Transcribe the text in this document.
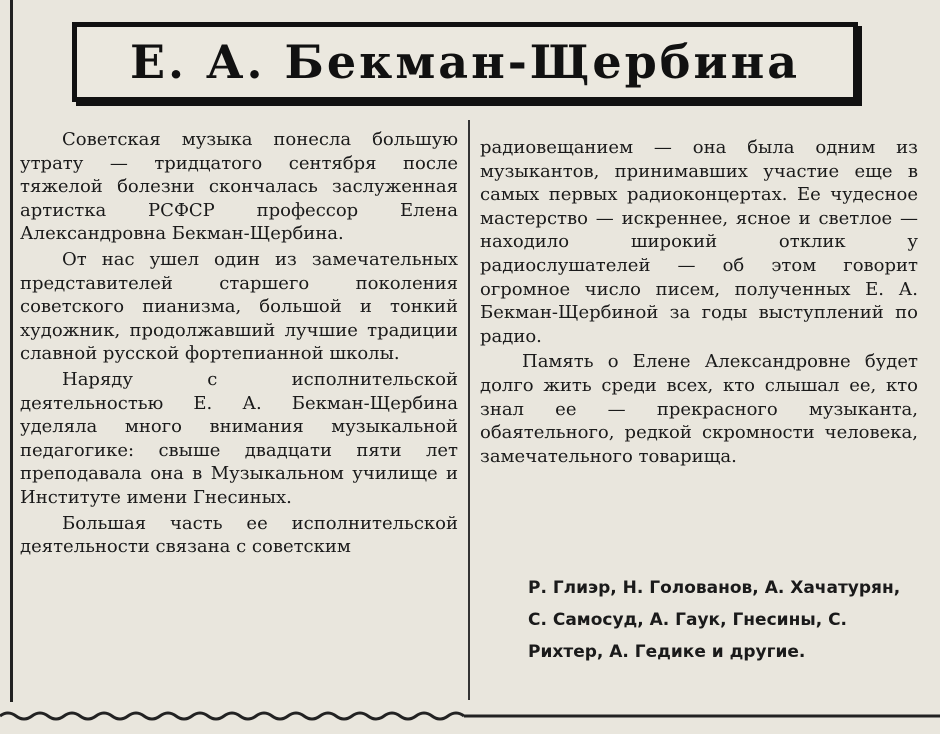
Е. А. Бекман-Щербина

Советская музыка понесла большую утрату — тридцатого сентября после тяжелой болезни скончалась заслуженная артистка РСФСР профессор Елена Александровна Бекман-Щербина.

От нас ушел один из замечательных представителей старшего поколения советского пианизма, большой и тонкий художник, продолжавший лучшие традиции славной русской фортепианной школы.

Наряду с исполнительской деятельностью Е. А. Бекман-Щербина уделяла много внимания музыкальной педагогике: свыше двадцати пяти лет преподавала она в Музыкальном училище и Институте имени Гнесиных.

Большая часть ее исполнительской деятельности связана с советским

радиовещанием — она была одним из музыкантов, принимавших участие еще в самых первых радиоконцертах. Ее чудесное мастерство — искреннее, ясное и светлое — находило широкий отклик у радиослушателей — об этом говорит огромное число писем, полученных Е. А. Бекман-Щербиной за годы выступлений по радио.

Память о Елене Александровне будет долго жить среди всех, кто слышал ее, кто знал ее — прекрасного музыканта, обаятельного, редкой скромности человека, замечательного товарища.

Р. Глиэр, Н. Голованов, А. Хачатурян, С. Самосуд, А. Гаук, Гнесины, С. Рихтер, А. Гедике и другие.
